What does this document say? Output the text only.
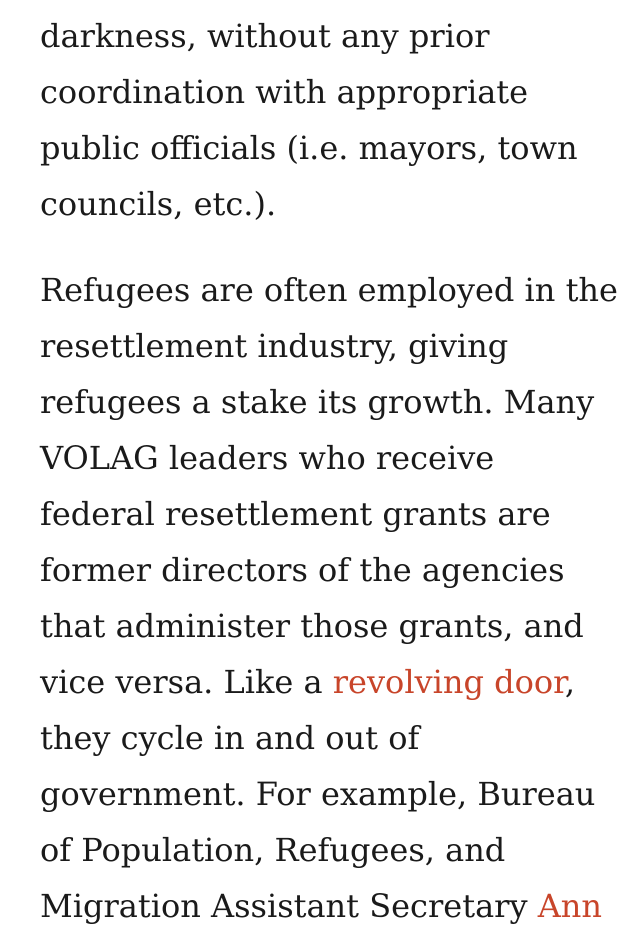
darkness, without any prior
coordination with appropriate
public officials (i.e. mayors, town
councils, etc.).

Refugees are often employed in the
resettlement industry, giving
refugees a stake its growth. Many
VOLAG leaders who receive
federal resettlement grants are
former directors of the agencies
that administer those grants, and
vice versa. Like a revolving door,
they cycle in and out of
government. For example, Bureau
of Population, Refugees, and
Migration Assistant Secretary Ann
